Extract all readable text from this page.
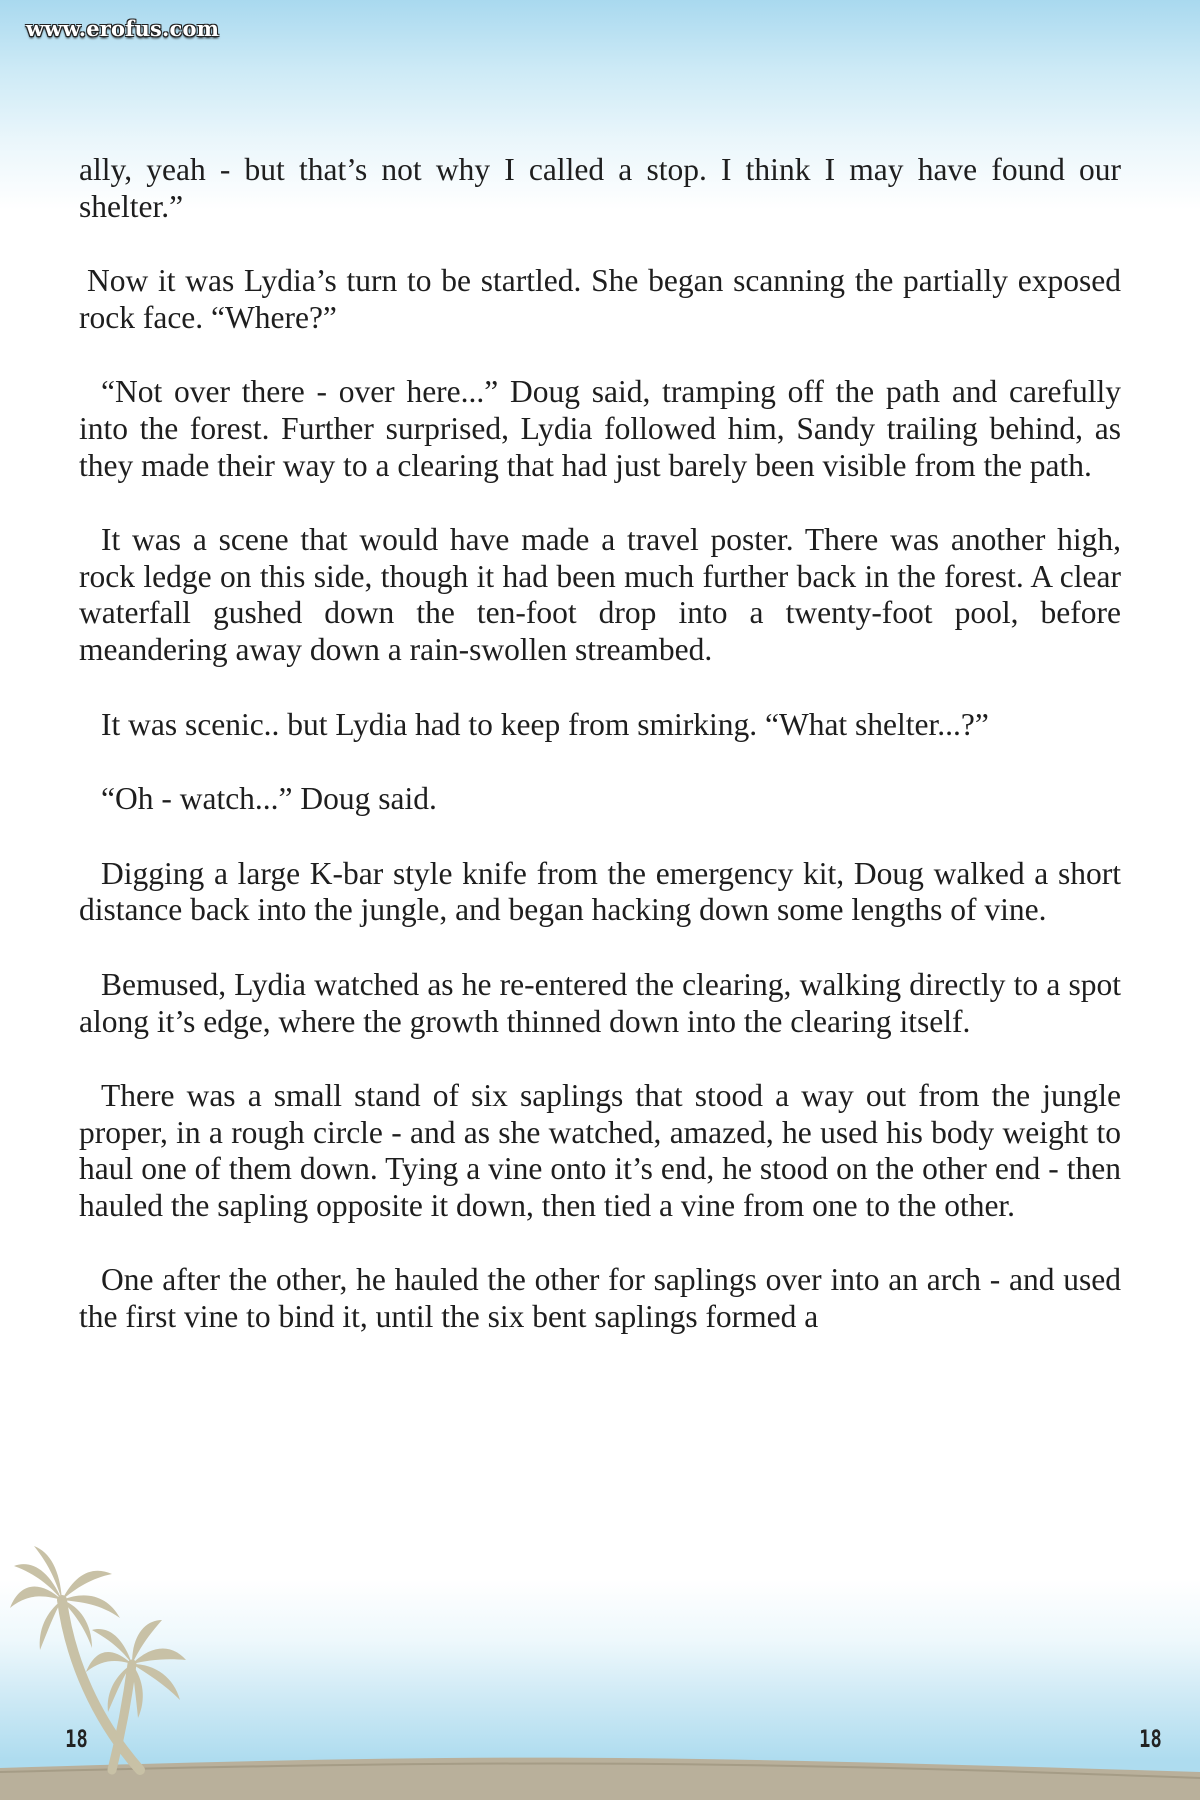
www.erofus.com

ally, yeah - but that’s not why I called a stop. I think I may have found our shelter.”

Now it was Lydia’s turn to be startled. She began scanning the partially exposed rock face. “Where?”

“Not over there - over here...” Doug said, tramping off the path and carefully into the forest. Further surprised, Lydia followed him, Sandy trailing behind, as they made their way to a clearing that had just barely been visible from the path.

It was a scene that would have made a travel poster. There was another high, rock ledge on this side, though it had been much further back in the forest. A clear waterfall gushed down the ten-foot drop into a twenty-foot pool, before meandering away down a rain-swollen streambed.

It was scenic.. but Lydia had to keep from smirking. “What shelter...?”

“Oh - watch...” Doug said.

Digging a large K-bar style knife from the emergency kit, Doug walked a short distance back into the jungle, and began hacking down some lengths of vine.

Bemused, Lydia watched as he re-entered the clearing, walking directly to a spot along it’s edge, where the growth thinned down into the clearing itself.

There was a small stand of six saplings that stood a way out from the jungle proper, in a rough circle - and as she watched, amazed, he used his body weight to haul one of them down. Tying a vine onto it’s end, he stood on the other end - then hauled the sapling opposite it down, then tied a vine from one to the other.

One after the other, he hauled the other for saplings over into an arch - and used the first vine to bind it, until the six bent saplings formed a

18	18
